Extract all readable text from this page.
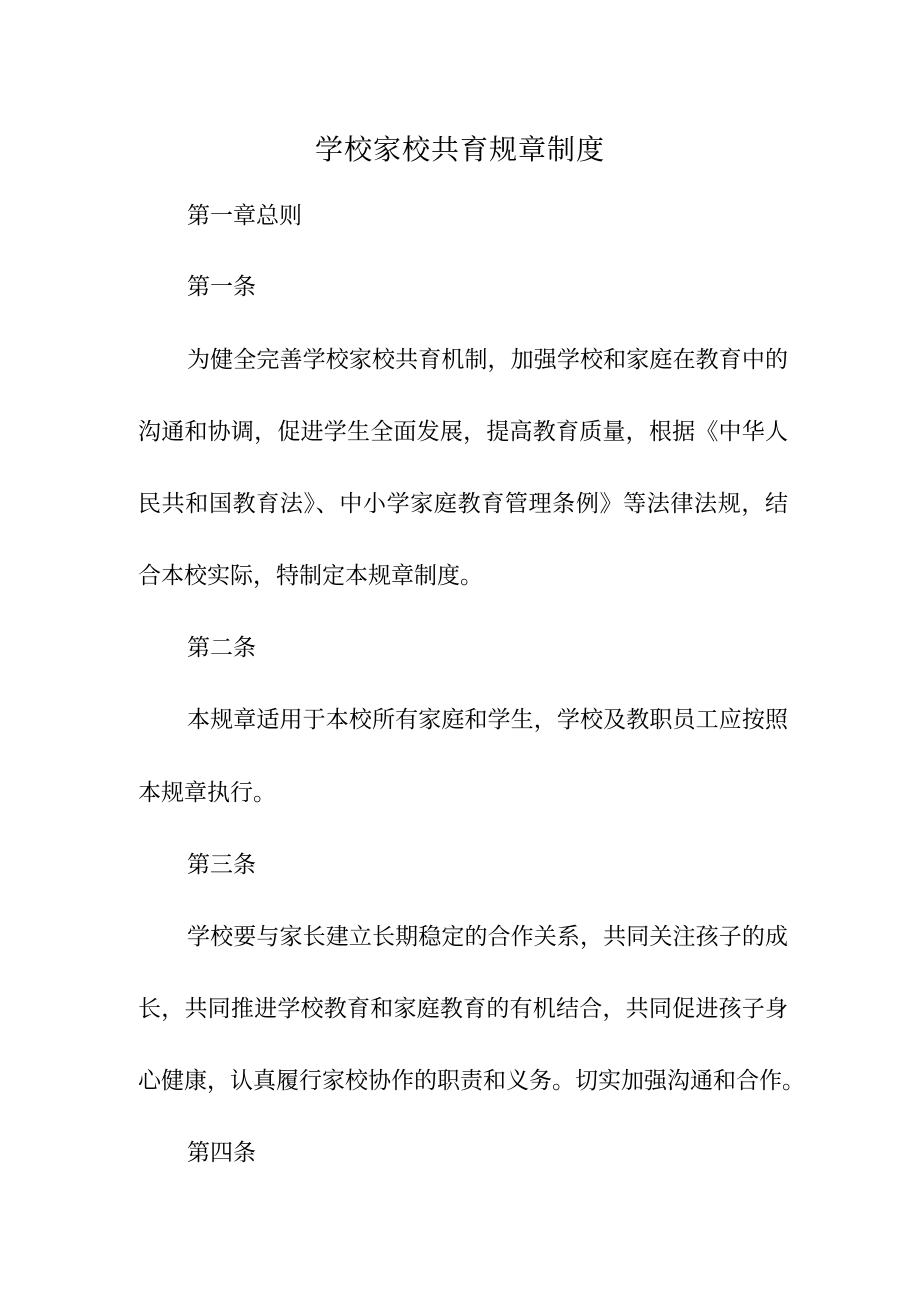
学校家校共育规章制度
第一章总则
第一条
为健全完善学校家校共育机制，加强学校和家庭在教育中的
沟通和协调，促进学生全面发展，提高教育质量，根据《中华人
民共和国教育法》、中小学家庭教育管理条例》等法律法规，结
合本校实际，特制定本规章制度。
第二条
本规章适用于本校所有家庭和学生，学校及教职员工应按照
本规章执行。
第三条
学校要与家长建立长期稳定的合作关系，共同关注孩子的成
长，共同推进学校教育和家庭教育的有机结合，共同促进孩子身
心健康，认真履行家校协作的职责和义务。切实加强沟通和合作。
第四条
